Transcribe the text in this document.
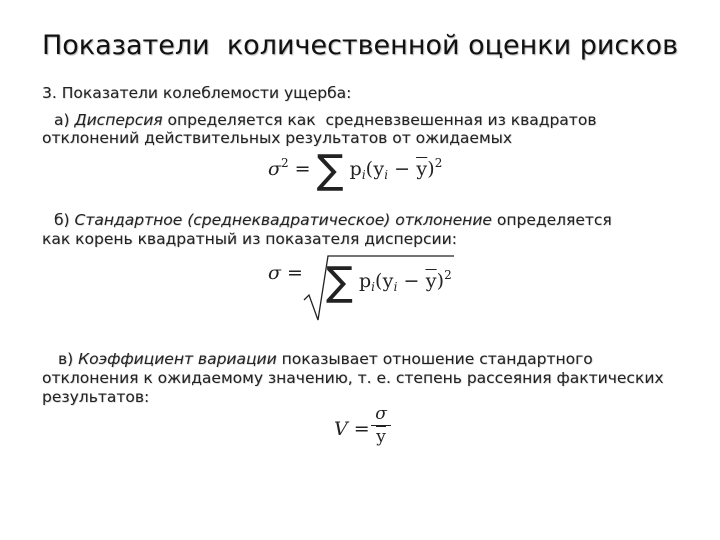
Показатели  количественной оценки рисков
3. Показатели колеблемости ущерба:
а) Дисперсия определяется как  средневзвешенная из квадратов
отклонений действительных результатов от ожидаемых
$\sigma^2$ = ∑ $p_i(у_i - у)^2$
б) Стандартное (среднеквадратическое) отклонение определяется
как корень квадратный из показателя дисперсии:
σ = ∑ $p_i(у_i - у)^2$
в) Коэффициент вариации показывает отношение стандартного
отклонения к ожидаемому значению, т. е. степень рассеяния фактических
результатов:
V =
σ
у
